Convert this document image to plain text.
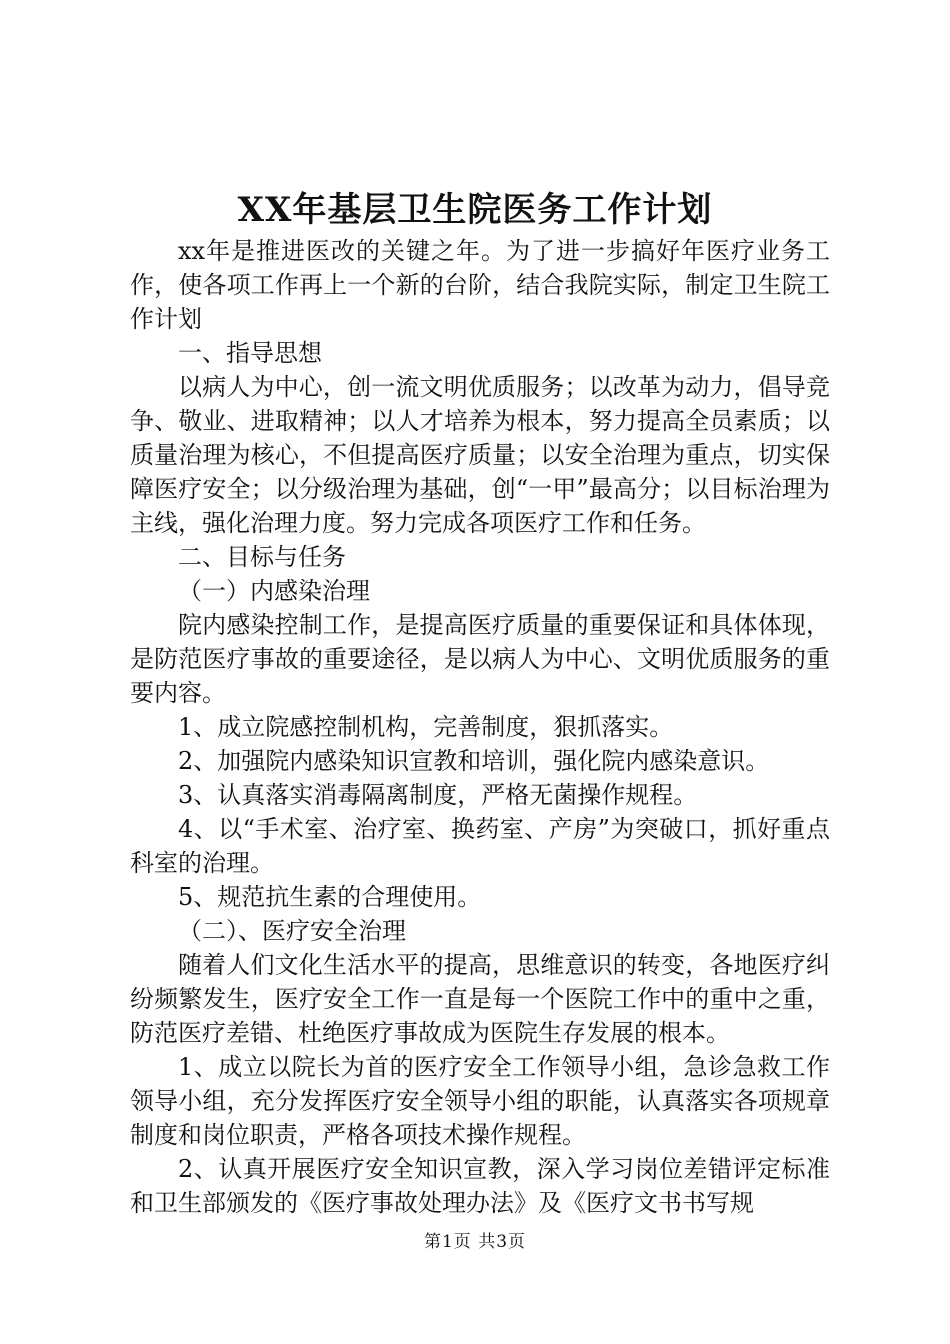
XX年基层卫生院医务工作计划

xx年是推进医改的关键之年。为了进一步搞好年医疗业务工作，使各项工作再上一个新的台阶，结合我院实际，制定卫生院工作计划

一、指导思想

以病人为中心，创一流文明优质服务；以改革为动力，倡导竞争、敬业、进取精神；以人才培养为根本，努力提高全员素质；以质量治理为核心，不但提高医疗质量；以安全治理为重点，切实保障医疗安全；以分级治理为基础，创“一甲”最高分；以目标治理为主线，强化治理力度。努力完成各项医疗工作和任务。

二、目标与任务

（一）内感染治理

院内感染控制工作，是提高医疗质量的重要保证和具体体现，是防范医疗事故的重要途径，是以病人为中心、文明优质服务的重要内容。

1、成立院感控制机构，完善制度，狠抓落实。

2、加强院内感染知识宣教和培训，强化院内感染意识。

3、认真落实消毒隔离制度，严格无菌操作规程。

4、以“手术室、治疗室、换药室、产房”为突破口，抓好重点科室的治理。

5、规范抗生素的合理使用。

（二）、医疗安全治理

随着人们文化生活水平的提高，思维意识的转变，各地医疗纠纷频繁发生，医疗安全工作一直是每一个医院工作中的重中之重，防范医疗差错、杜绝医疗事故成为医院生存发展的根本。

1、成立以院长为首的医疗安全工作领导小组，急诊急救工作领导小组，充分发挥医疗安全领导小组的职能，认真落实各项规章制度和岗位职责，严格各项技术操作规程。

2、认真开展医疗安全知识宣教，深入学习岗位差错评定标准和卫生部颁发的《医疗事故处理办法》及《医疗文书书写规

第1页 共3页
